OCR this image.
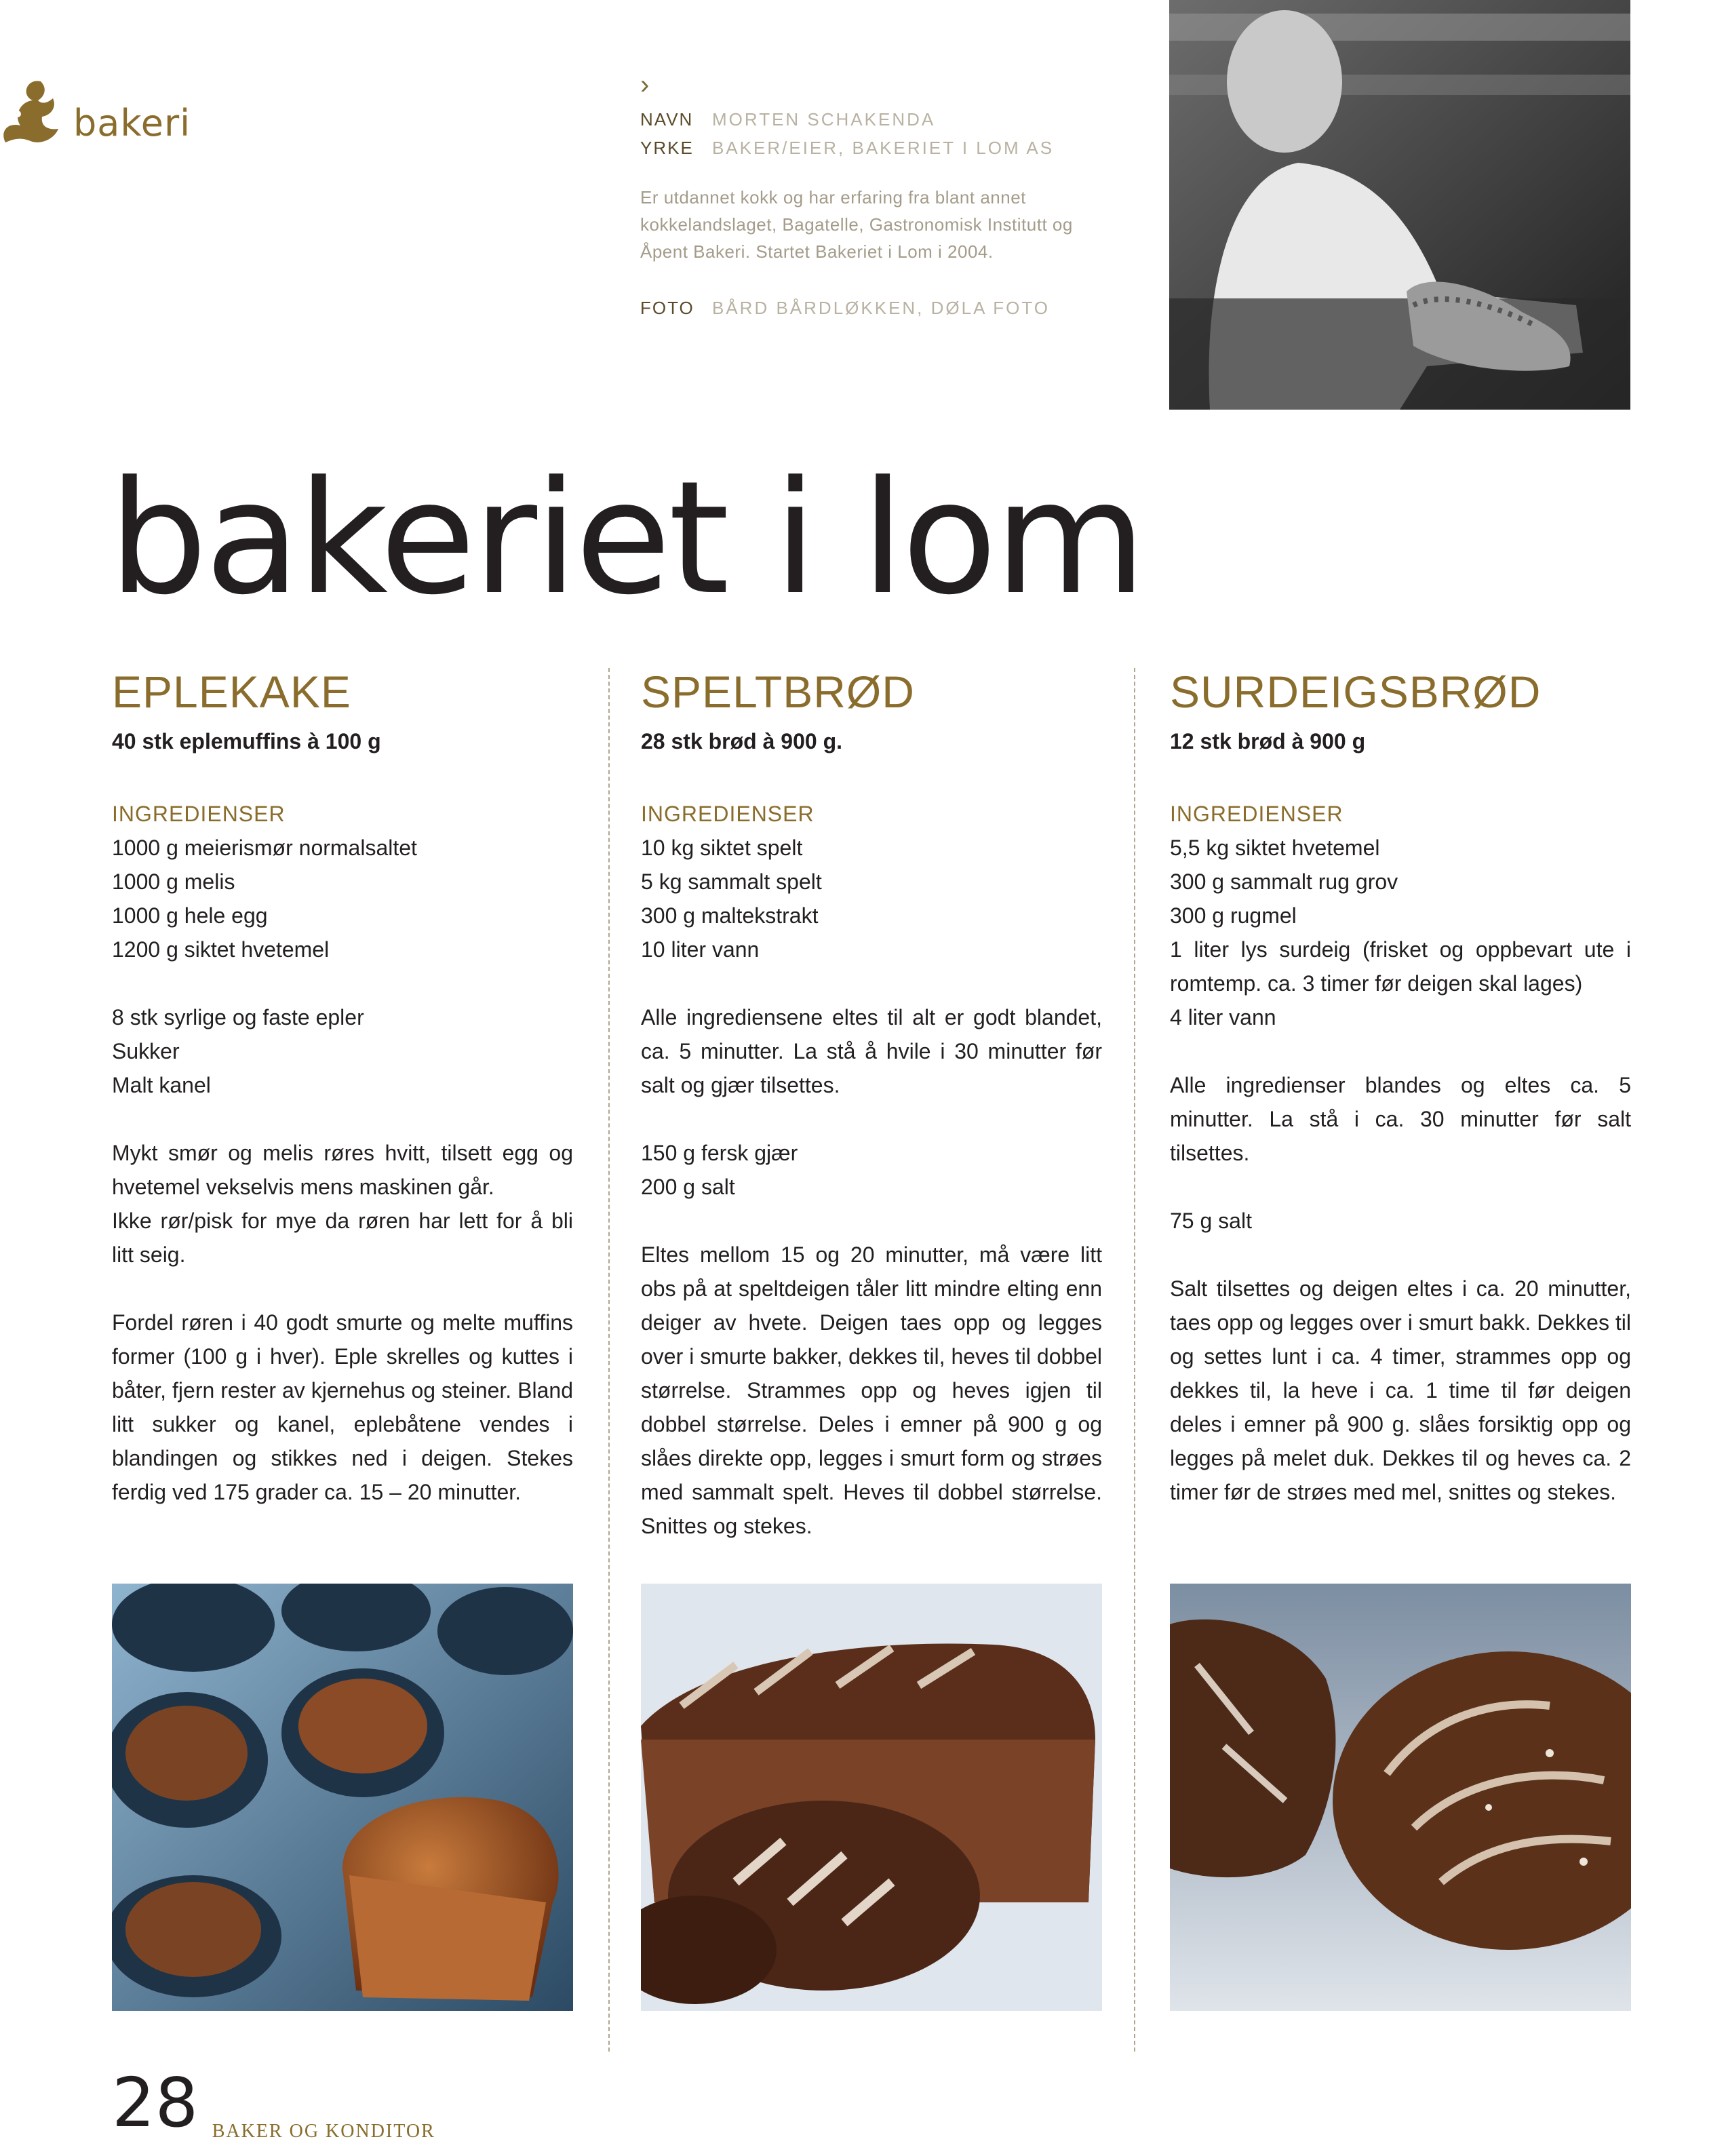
bakeri
›
NAVN	MORTEN SCHAKENDA
YRKE	BAKER/EIER, BAKERIET I LOM AS
Er utdannet kokk og har erfaring fra blant annet kokkelandslaget, Bagatelle, Gastronomisk Institutt og Åpent Bakeri. Startet Bakeriet i Lom i 2004.
FOTO	BÅRD BÅRDLØKKEN, DØLA FOTO
bakeriet i lom
EPLEKAKE
40 stk eplemuffins à 100 g
INGREDIENSER
1000 g meierismør normalsaltet
1000 g melis
1000 g hele egg
1200 g siktet hvetemel
8 stk syrlige og faste epler
Sukker
Malt kanel
Mykt smør og melis røres hvitt, tilsett egg og hvetemel vekselvis mens maskinen går.
Ikke rør/pisk for mye da røren har lett for å bli litt seig.
Fordel røren i 40 godt smurte og melte muffins former (100 g i hver). Eple skrelles og kuttes i båter, fjern rester av kjernehus og steiner. Bland litt sukker og kanel, eplebåtene vendes i blandingen og stikkes ned i deigen. Stekes ferdig ved 175 grader ca. 15 – 20 minutter.
SPELTBRØD
28 stk brød à 900 g.
INGREDIENSER
10 kg siktet spelt
5 kg sammalt spelt
300 g maltekstrakt
10 liter vann
Alle ingrediensene eltes til alt er godt blandet, ca. 5 minutter. La stå å hvile i 30 minutter før salt og gjær tilsettes.
150 g fersk gjær
200 g salt
Eltes mellom 15 og 20 minutter, må være litt obs på at speltdeigen tåler litt mindre elting enn deiger av hvete. Deigen taes opp og legges over i smurte bakker, dekkes til, heves til dobbel størrelse. Strammes opp og heves igjen til dobbel størrelse. Deles i emner på 900 g og slåes direkte opp, legges i smurt form og strøes med sammalt spelt. Heves til dobbel størrelse. Snittes og stekes.
SURDEIGSBRØD
12 stk brød à 900 g
INGREDIENSER
5,5 kg siktet hvetemel
300 g sammalt rug grov
300 g rugmel
1 liter lys surdeig (frisket og oppbevart ute i romtemp. ca. 3 timer før deigen skal lages)
4 liter vann
Alle ingredienser blandes og eltes ca. 5 minutter. La stå i ca. 30 minutter før salt tilsettes.
75 g salt
Salt tilsettes og deigen eltes i ca. 20 minutter, taes opp og legges over i smurt bakk. Dekkes til og settes lunt i ca. 4 timer, strammes opp og dekkes til, la heve i ca. 1 time til før deigen deles i emner på 900 g. slåes forsiktig opp og legges på melet duk. Dekkes til og heves ca. 2 timer før de strøes med mel, snittes og stekes.
28 BAKER OG KONDITOR
